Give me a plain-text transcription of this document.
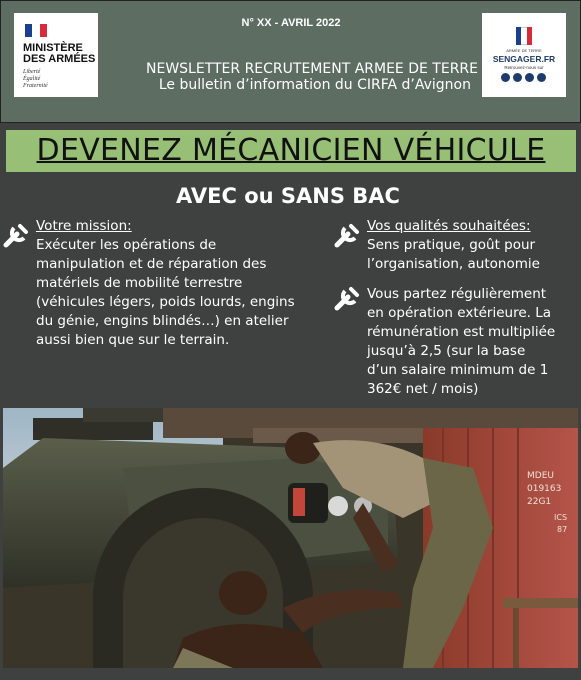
MINISTÈRE
DES ARMÉES
Liberté
Égalité
Fraternité
N° XX - AVRIL 2022
NEWSLETTER RECRUTEMENT ARMEE DE TERRE
Le bulletin d’information du CIRFA d’Avignon
ARMÉE DE TERRE
SENGAGER.FR
Retrouvez-nous sur
DEVENEZ MÉCANICIEN VÉHICULE
AVEC ou SANS BAC
Votre mission:
Exécuter les opérations de
manipulation et de réparation des
matériels de mobilité terrestre
(véhicules légers, poids lourds, engins
du génie, engins blindés…) en atelier
aussi bien que sur le terrain.
Vos qualités souhaitées:
Sens pratique, goût pour
l’organisation, autonomie
Vous partez régulièrement
en opération extérieure. La
rémunération est multipliée
jusqu’à 2,5 (sur la base
d’un salaire minimum de 1
362€ net / mois)
MDEU
019163
22G1
ICS
87
